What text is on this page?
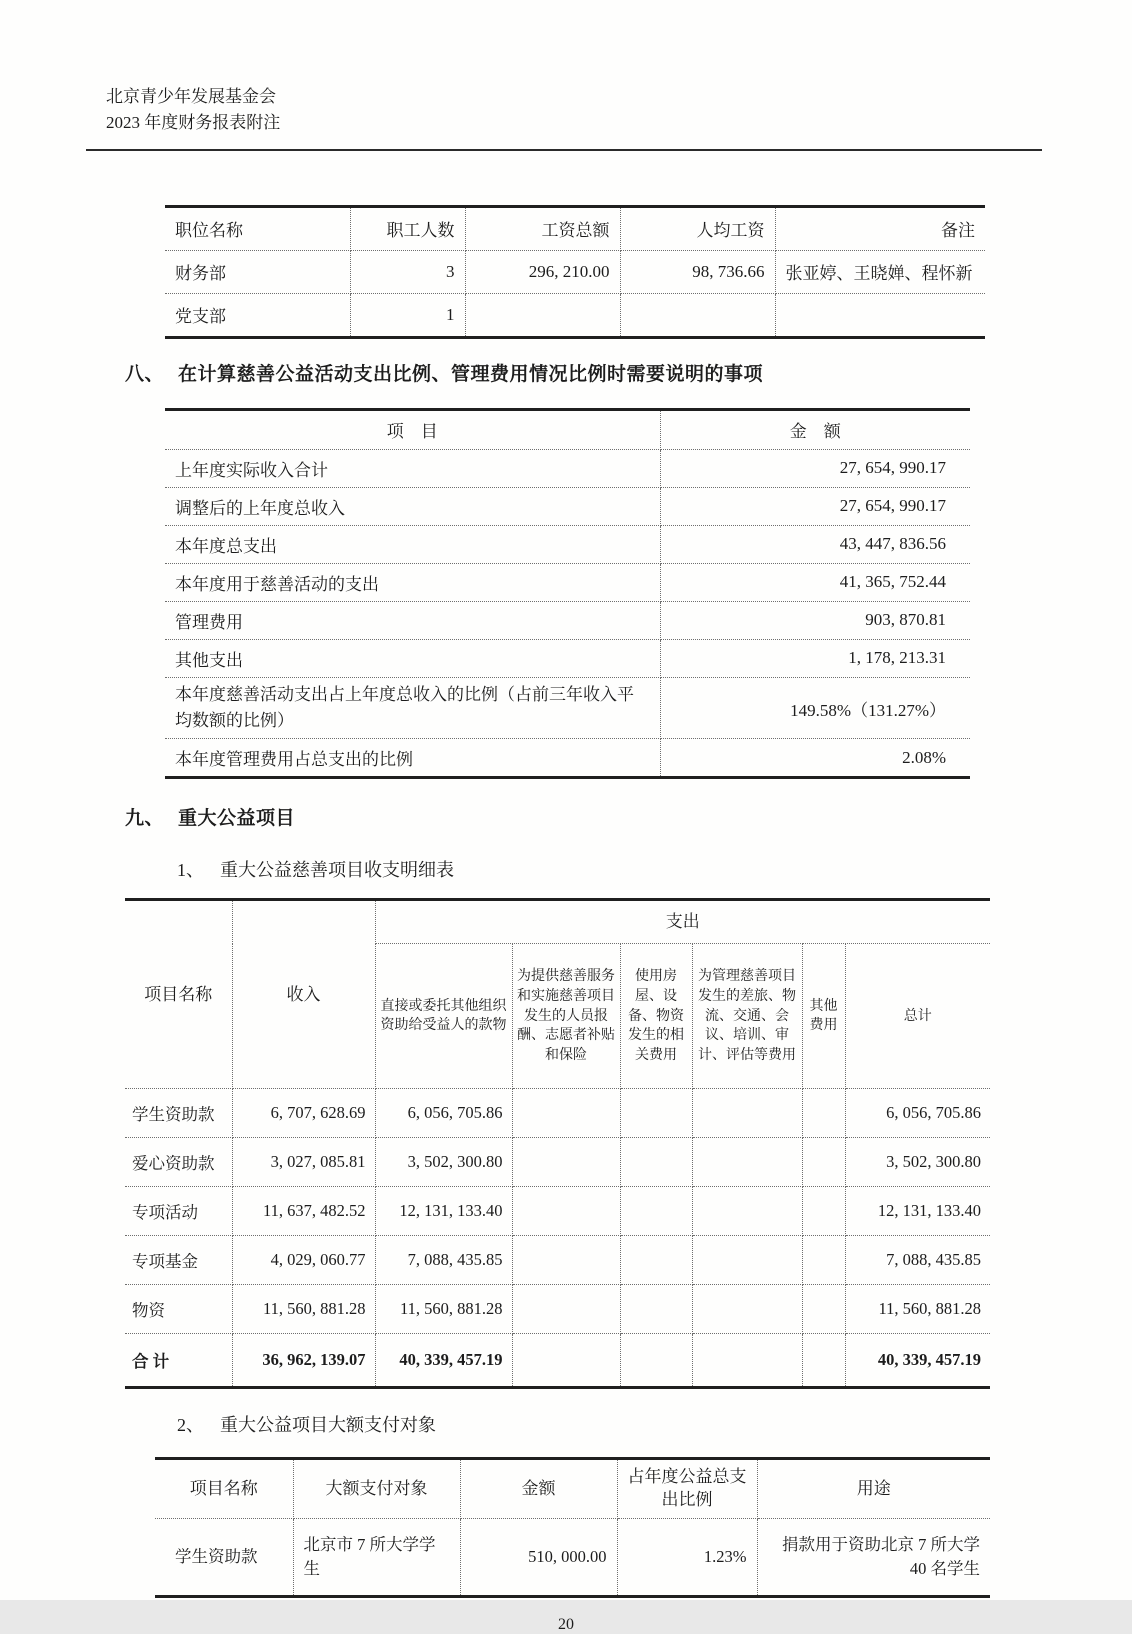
北京青少年发展基金会
2023 年度财务报表附注
职位名称	职工人数	工资总额	人均工资	备注
财务部	3	296, 210.00	98, 736.66	张亚婷、王晓婵、程怀新
党支部	1			
八、 在计算慈善公益活动支出比例、管理费用情况比例时需要说明的事项
项　目	金　额
上年度实际收入合计	27, 654, 990.17
调整后的上年度总收入	27, 654, 990.17
本年度总支出	43, 447, 836.56
本年度用于慈善活动的支出	41, 365, 752.44
管理费用	903, 870.81
其他支出	1, 178, 213.31
本年度慈善活动支出占上年度总收入的比例（占前三年收入平均数额的比例）	149.58%（131.27%）
本年度管理费用占总支出的比例	2.08%
九、 重大公益项目
1、 重大公益慈善项目收支明细表
项目名称	收入	支出					
		直接或委托其他组织资助给受益人的款物	为提供慈善服务和实施慈善项目发生的人员报酬、志愿者补贴和保险	使用房屋、设备、物资发生的相关费用	为管理慈善项目发生的差旅、物流、交通、会议、培训、审计、评估等费用	其他费用	总计
学生资助款	6, 707, 628.69	6, 056, 705.86					6, 056, 705.86
爱心资助款	3, 027, 085.81	3, 502, 300.80					3, 502, 300.80
专项活动	11, 637, 482.52	12, 131, 133.40					12, 131, 133.40
专项基金	4, 029, 060.77	7, 088, 435.85					7, 088, 435.85
物资	11, 560, 881.28	11, 560, 881.28					11, 560, 881.28
合 计	36, 962, 139.07	40, 339, 457.19					40, 339, 457.19
2、 重大公益项目大额支付对象
项目名称	大额支付对象	金额	占年度公益总支出比例	用途
学生资助款	北京市 7 所大学学生	510, 000.00	1.23%	捐款用于资助北京 7 所大学 40 名学生
20
